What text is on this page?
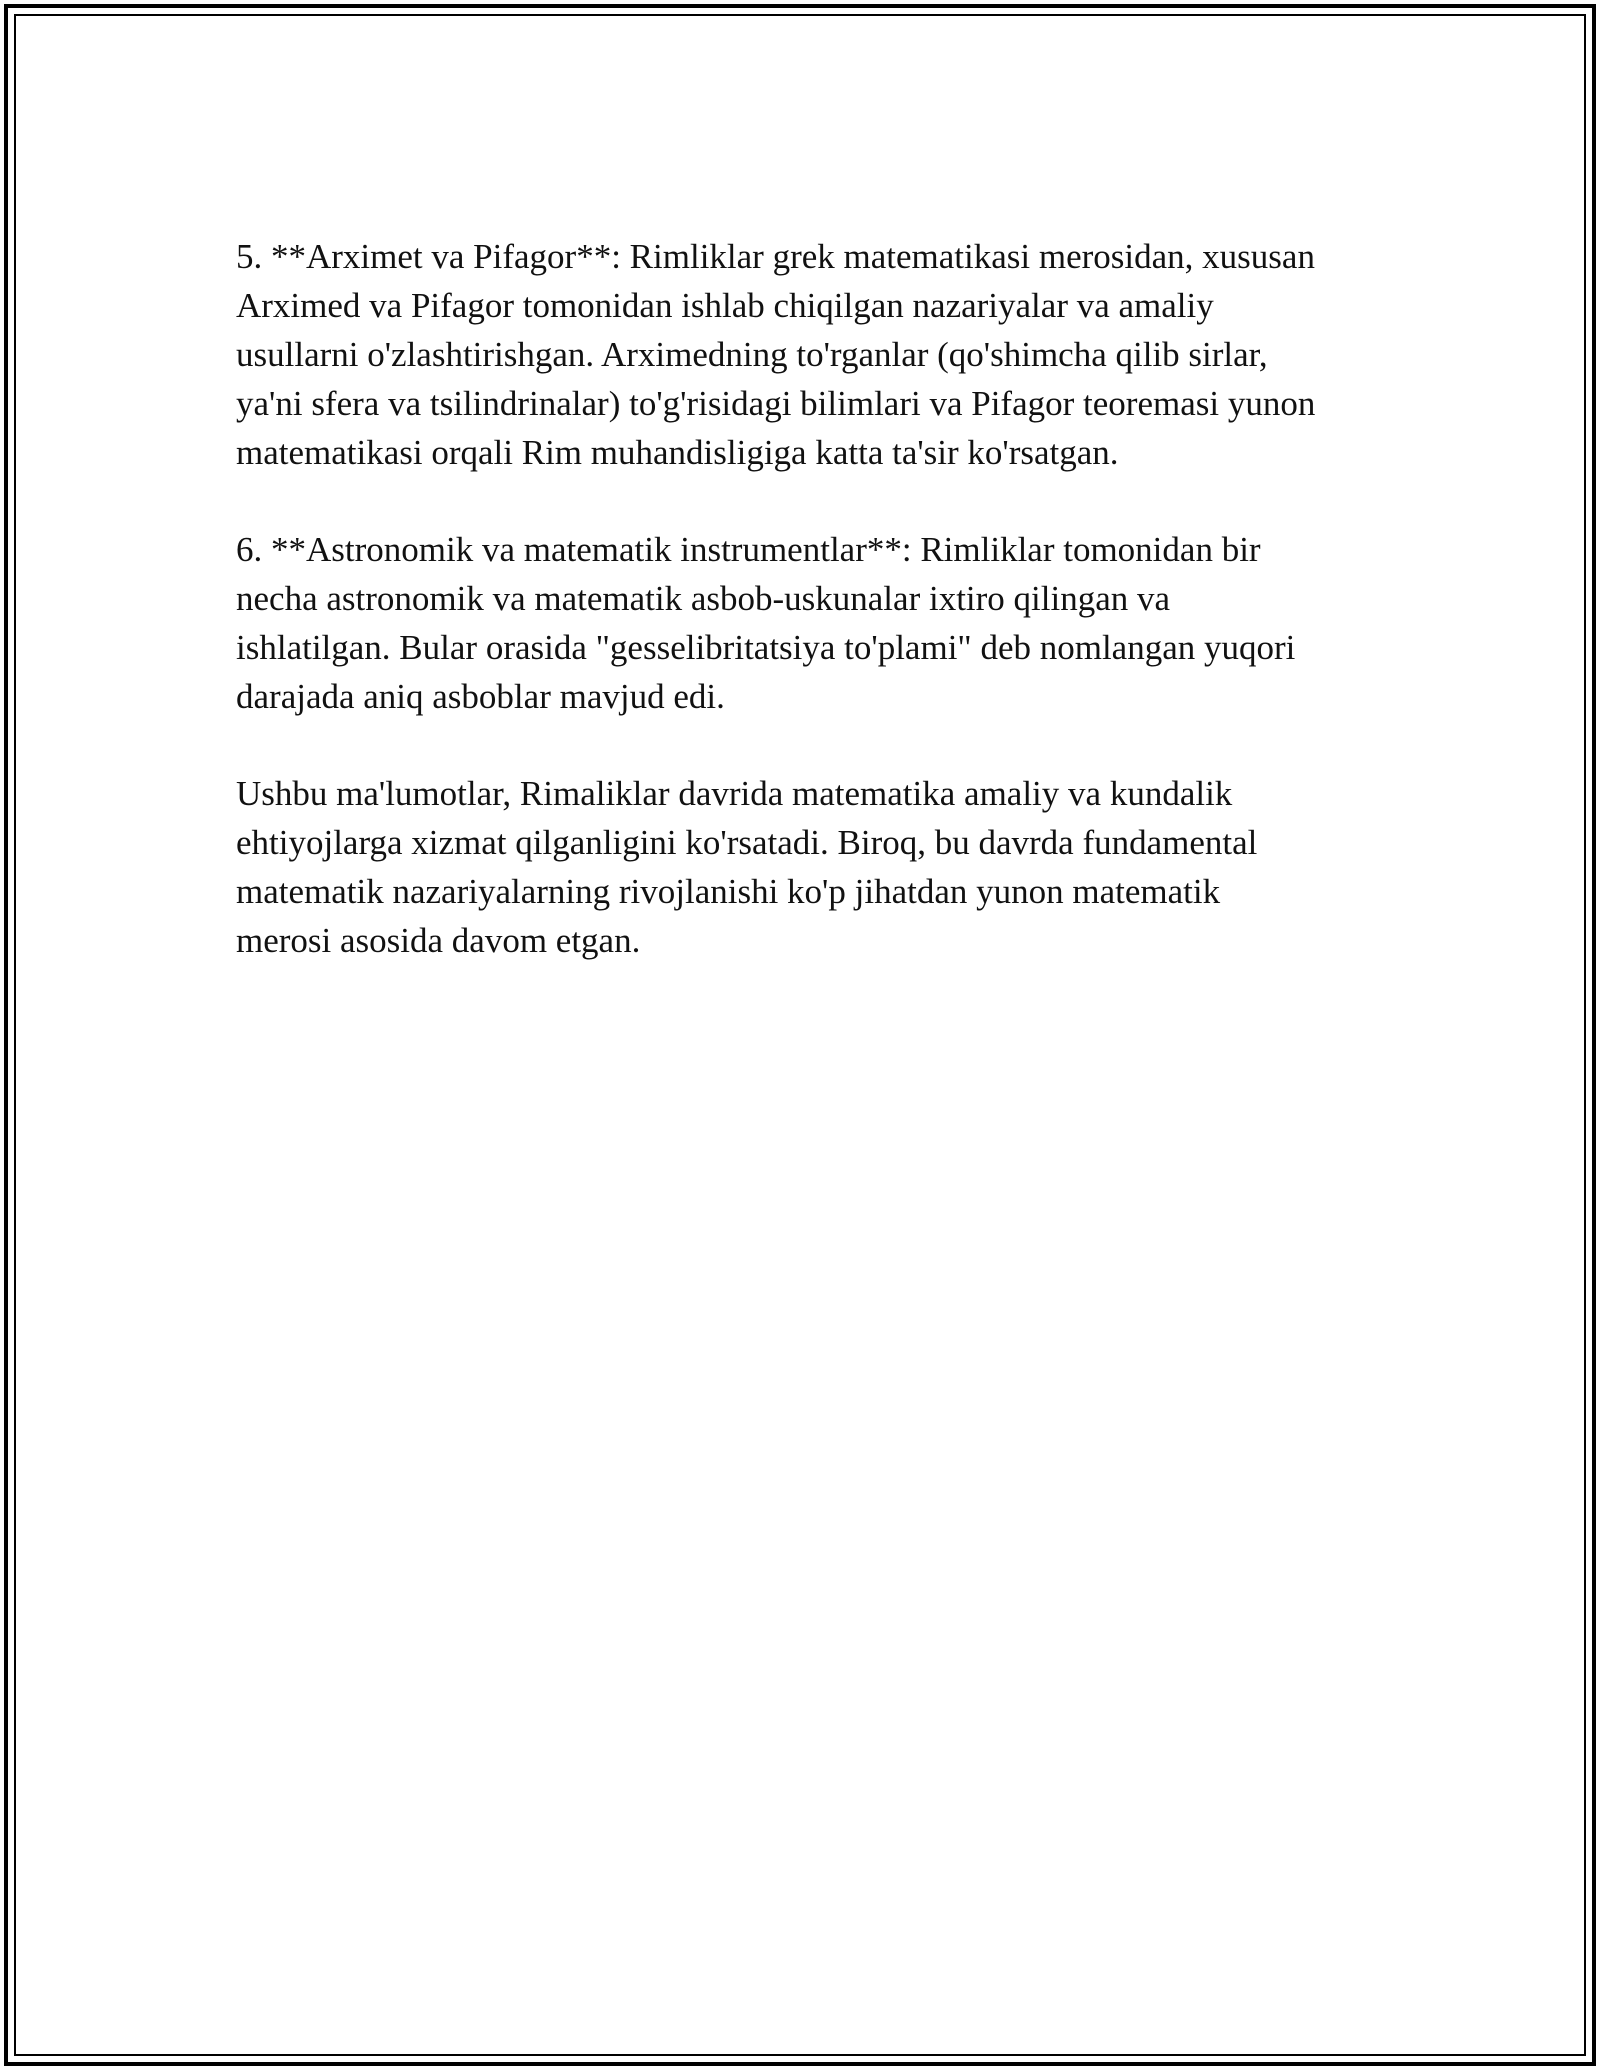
5. **Arximet va Pifagor**: Rimliklar grek matematikasi merosidan, xususan
Arximed va Pifagor tomonidan ishlab chiqilgan nazariyalar va amaliy
usullarni o'zlashtirishgan. Arximedning to'rganlar (qo'shimcha qilib sirlar,
ya'ni sfera va tsilindrinalar) to'g'risidagi bilimlari va Pifagor teoremasi yunon
matematikasi orqali Rim muhandisligiga katta ta'sir ko'rsatgan.

6. **Astronomik va matematik instrumentlar**: Rimliklar tomonidan bir
necha astronomik va matematik asbob-uskunalar ixtiro qilingan va
ishlatilgan. Bular orasida "gesselibritatsiya to'plami" deb nomlangan yuqori
darajada aniq asboblar mavjud edi.

Ushbu ma'lumotlar, Rimaliklar davrida matematika amaliy va kundalik
ehtiyojlarga xizmat qilganligini ko'rsatadi. Biroq, bu davrda fundamental
matematik nazariyalarning rivojlanishi ko'p jihatdan yunon matematik
merosi asosida davom etgan.
